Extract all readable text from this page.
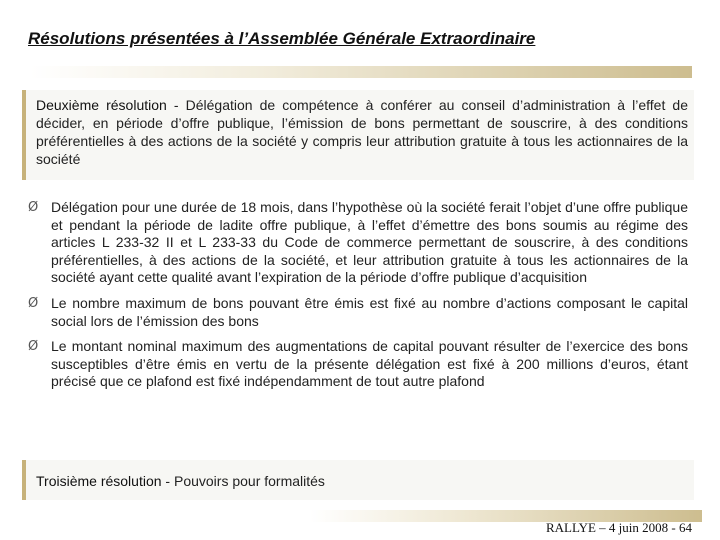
Résolutions présentées à l’Assemblée Générale Extraordinaire

Deuxième résolution - Délégation de compétence à conférer au conseil d’administration à l’effet de décider, en période d’offre publique, l’émission de bons permettant de souscrire, à des conditions préférentielles à des actions de la société y compris leur attribution gratuite à tous les actionnaires de la société

Ø Délégation pour une durée de 18 mois, dans l’hypothèse où la société ferait l’objet d’une offre publique et pendant la période de ladite offre publique, à l’effet d’émettre des bons soumis au régime des articles L 233-32 II et L 233-33 du Code de commerce permettant de souscrire, à des conditions préférentielles, à des actions de la société, et leur attribution gratuite à tous les actionnaires de la société ayant cette qualité avant l’expiration de la période d’offre publique d’acquisition
Ø Le nombre maximum de bons pouvant être émis est fixé au nombre d’actions composant le capital social lors de l’émission des bons
Ø Le montant nominal maximum des augmentations de capital pouvant résulter de l’exercice des bons susceptibles d’être émis en vertu de la présente délégation est fixé à 200 millions d’euros, étant précisé que ce plafond est fixé indépendamment de tout autre plafond

Troisième résolution - Pouvoirs pour formalités

RALLYE – 4 juin 2008 - 64
